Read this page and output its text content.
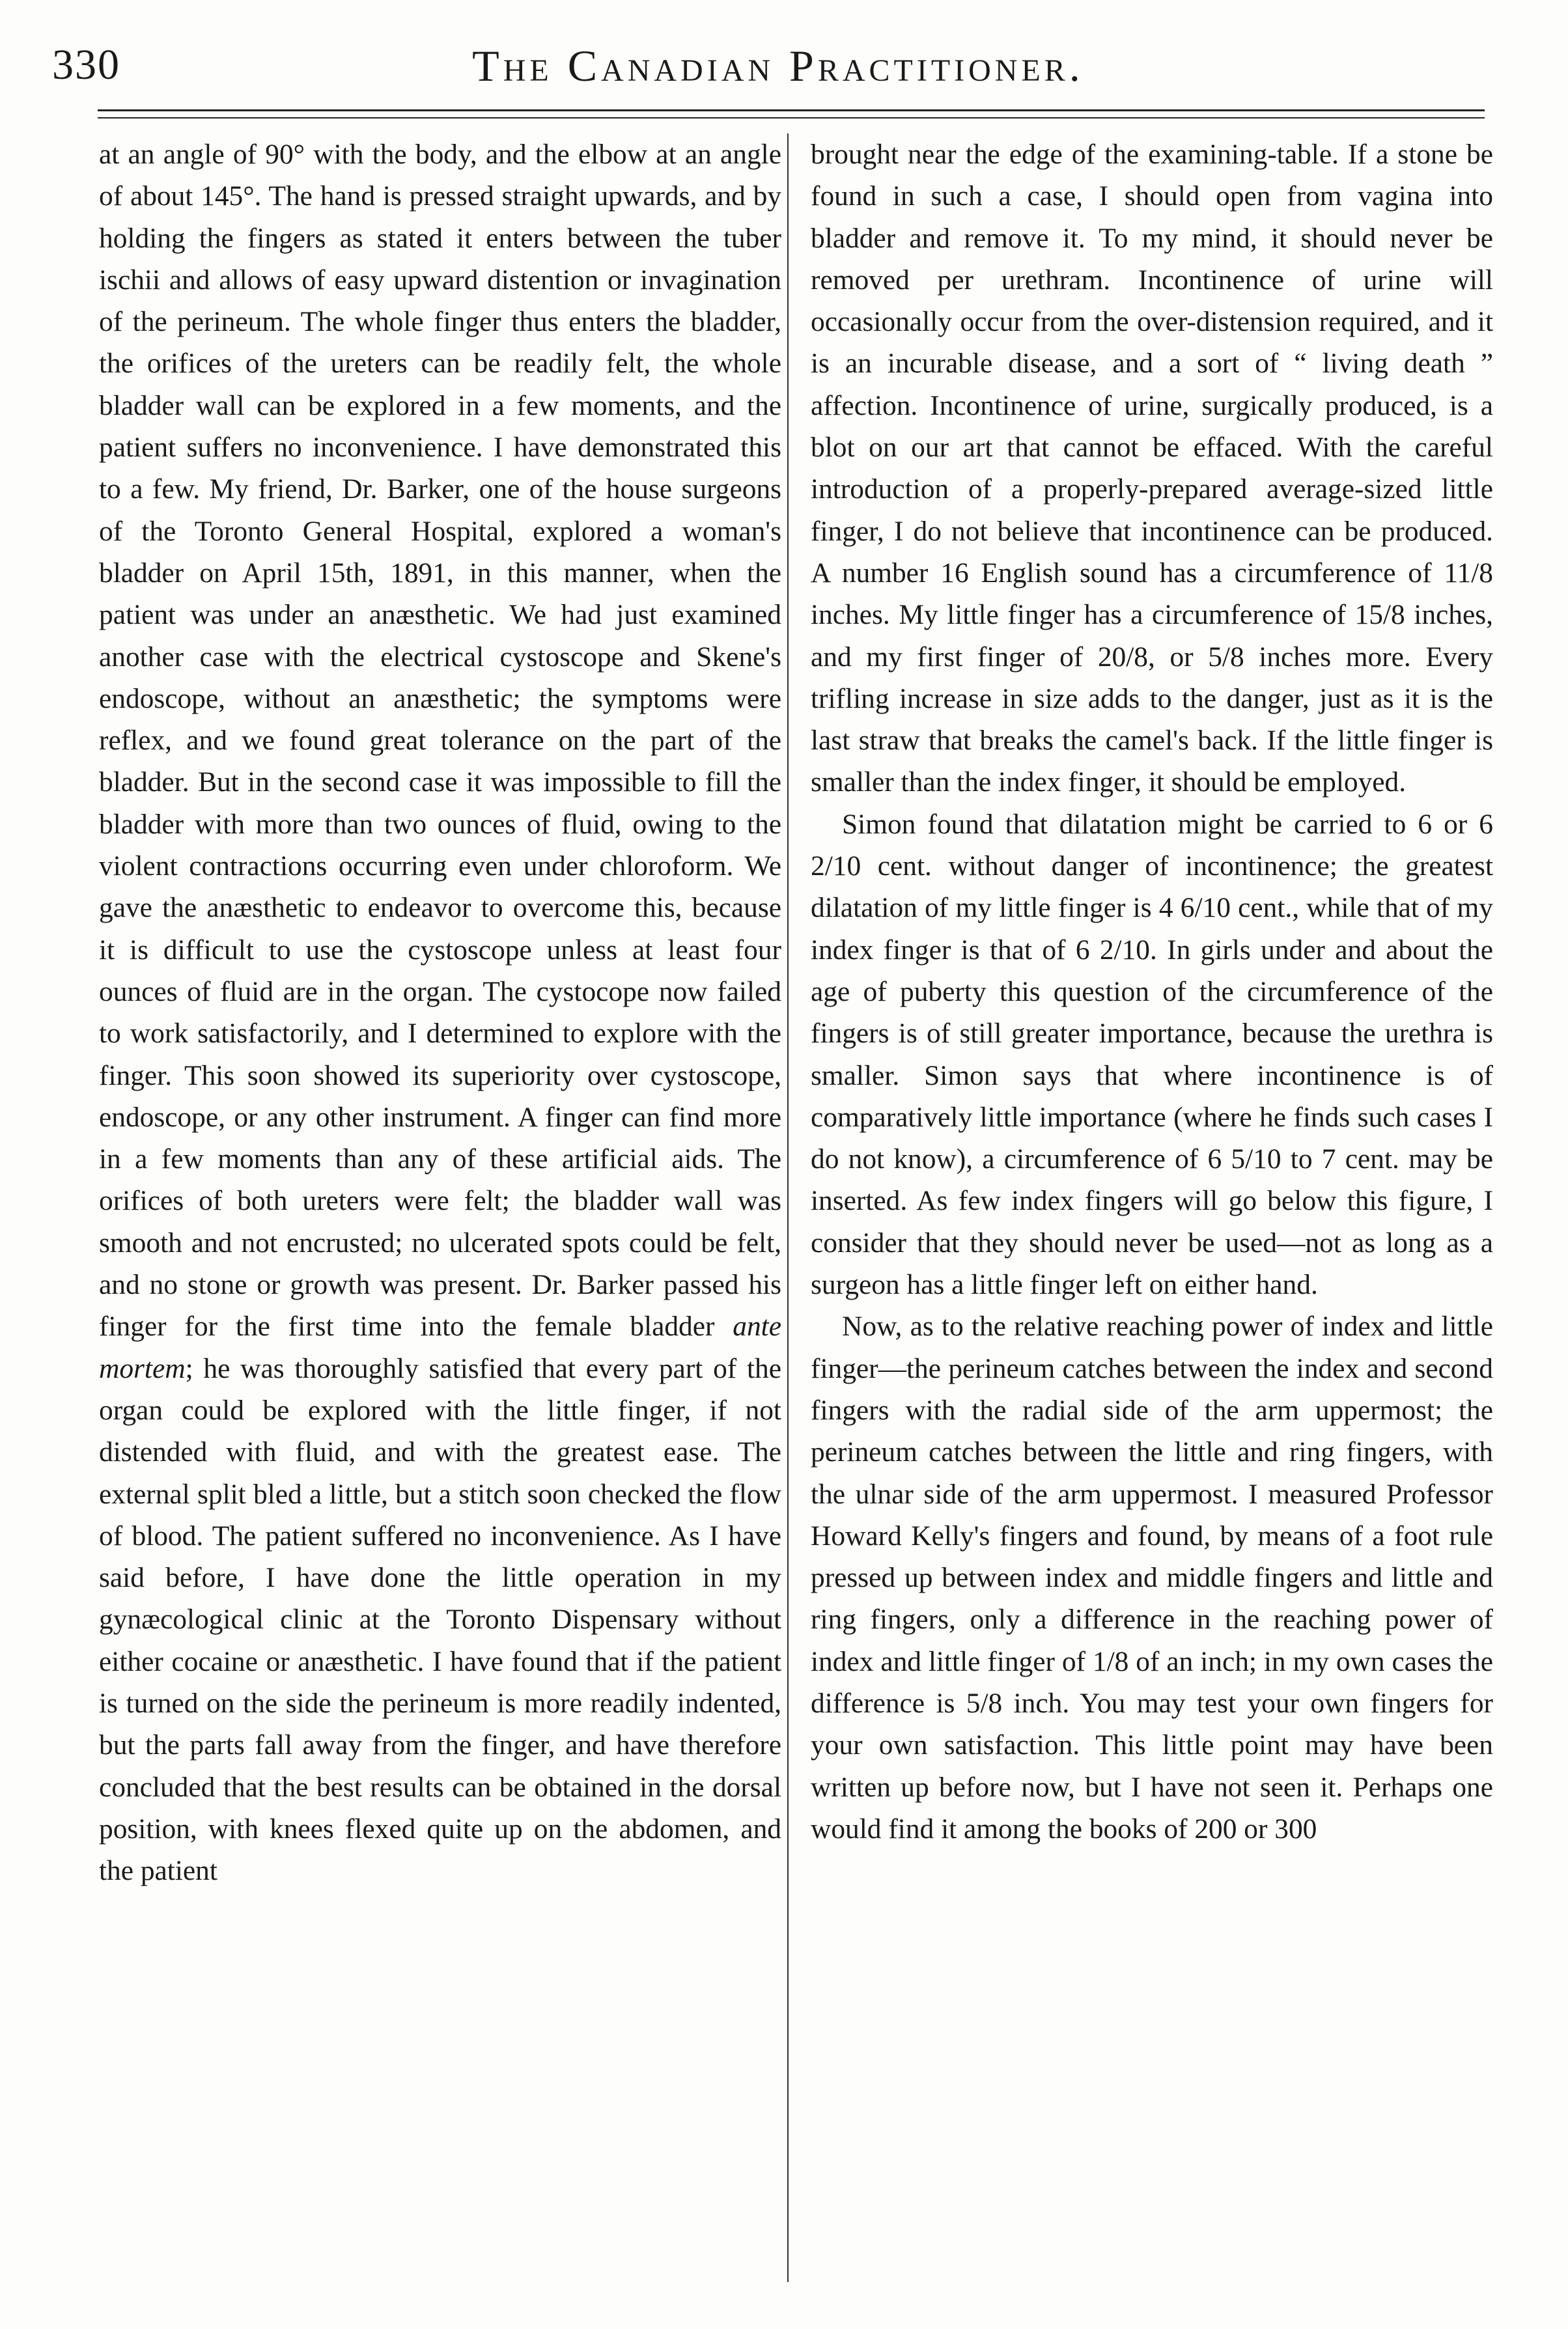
330	The Canadian Practitioner.

at an angle of 90° with the body, and the elbow at an angle of about 145°. The hand is pressed straight upwards, and by holding the fingers as stated it enters between the tuber ischii and allows of easy upward distention or invagination of the perineum. The whole finger thus enters the bladder, the orifices of the ureters can be readily felt, the whole bladder wall can be explored in a few moments, and the patient suffers no inconvenience. I have demonstrated this to a few. My friend, Dr. Barker, one of the house surgeons of the Toronto General Hospital, explored a woman's bladder on April 15th, 1891, in this manner, when the patient was under an anæsthetic. We had just examined another case with the electrical cystoscope and Skene's endoscope, without an anæsthetic; the symptoms were reflex, and we found great tolerance on the part of the bladder. But in the second case it was impossible to fill the bladder with more than two ounces of fluid, owing to the violent contractions occurring even under chloroform. We gave the anæsthetic to endeavor to overcome this, because it is difficult to use the cystoscope unless at least four ounces of fluid are in the organ. The cystocope now failed to work satisfactorily, and I determined to explore with the finger. This soon showed its superiority over cystoscope, endoscope, or any other instrument. A finger can find more in a few moments than any of these artificial aids. The orifices of both ureters were felt; the bladder wall was smooth and not encrusted; no ulcerated spots could be felt, and no stone or growth was present. Dr. Barker passed his finger for the first time into the female bladder ante mortem; he was thoroughly satisfied that every part of the organ could be explored with the little finger, if not distended with fluid, and with the greatest ease. The external split bled a little, but a stitch soon checked the flow of blood. The patient suffered no inconvenience. As I have said before, I have done the little operation in my gynæcological clinic at the Toronto Dispensary without either cocaine or anæsthetic. I have found that if the patient is turned on the side the perineum is more readily indented, but the parts fall away from the finger, and have therefore concluded that the best results can be obtained in the dorsal position, with knees flexed quite up on the abdomen, and the patient

brought near the edge of the examining-table. If a stone be found in such a case, I should open from vagina into bladder and remove it. To my mind, it should never be removed per urethram. Incontinence of urine will occasionally occur from the over-distension required, and it is an incurable disease, and a sort of “ living death ” affection. Incontinence of urine, surgically produced, is a blot on our art that cannot be effaced. With the careful introduction of a properly-prepared average-sized little finger, I do not believe that incontinence can be produced. A number 16 English sound has a circumference of 11/8 inches. My little finger has a circumference of 15/8 inches, and my first finger of 20/8, or 5/8 inches more. Every trifling increase in size adds to the danger, just as it is the last straw that breaks the camel's back. If the little finger is smaller than the index finger, it should be employed.

Simon found that dilatation might be carried to 6 or 6 2/10 cent. without danger of incontinence; the greatest dilatation of my little finger is 4 6/10 cent., while that of my index finger is that of 6 2/10. In girls under and about the age of puberty this question of the circumference of the fingers is of still greater importance, because the urethra is smaller. Simon says that where incontinence is of comparatively little importance (where he finds such cases I do not know), a circumference of 6 5/10 to 7 cent. may be inserted. As few index fingers will go below this figure, I consider that they should never be used—not as long as a surgeon has a little finger left on either hand.

Now, as to the relative reaching power of index and little finger—the perineum catches between the index and second fingers with the radial side of the arm uppermost; the perineum catches between the little and ring fingers, with the ulnar side of the arm uppermost. I measured Professor Howard Kelly's fingers and found, by means of a foot rule pressed up between index and middle fingers and little and ring fingers, only a difference in the reaching power of index and little finger of 1/8 of an inch; in my own cases the difference is 5/8 inch. You may test your own fingers for your own satisfaction. This little point may have been written up before now, but I have not seen it. Perhaps one would find it among the books of 200 or 300
